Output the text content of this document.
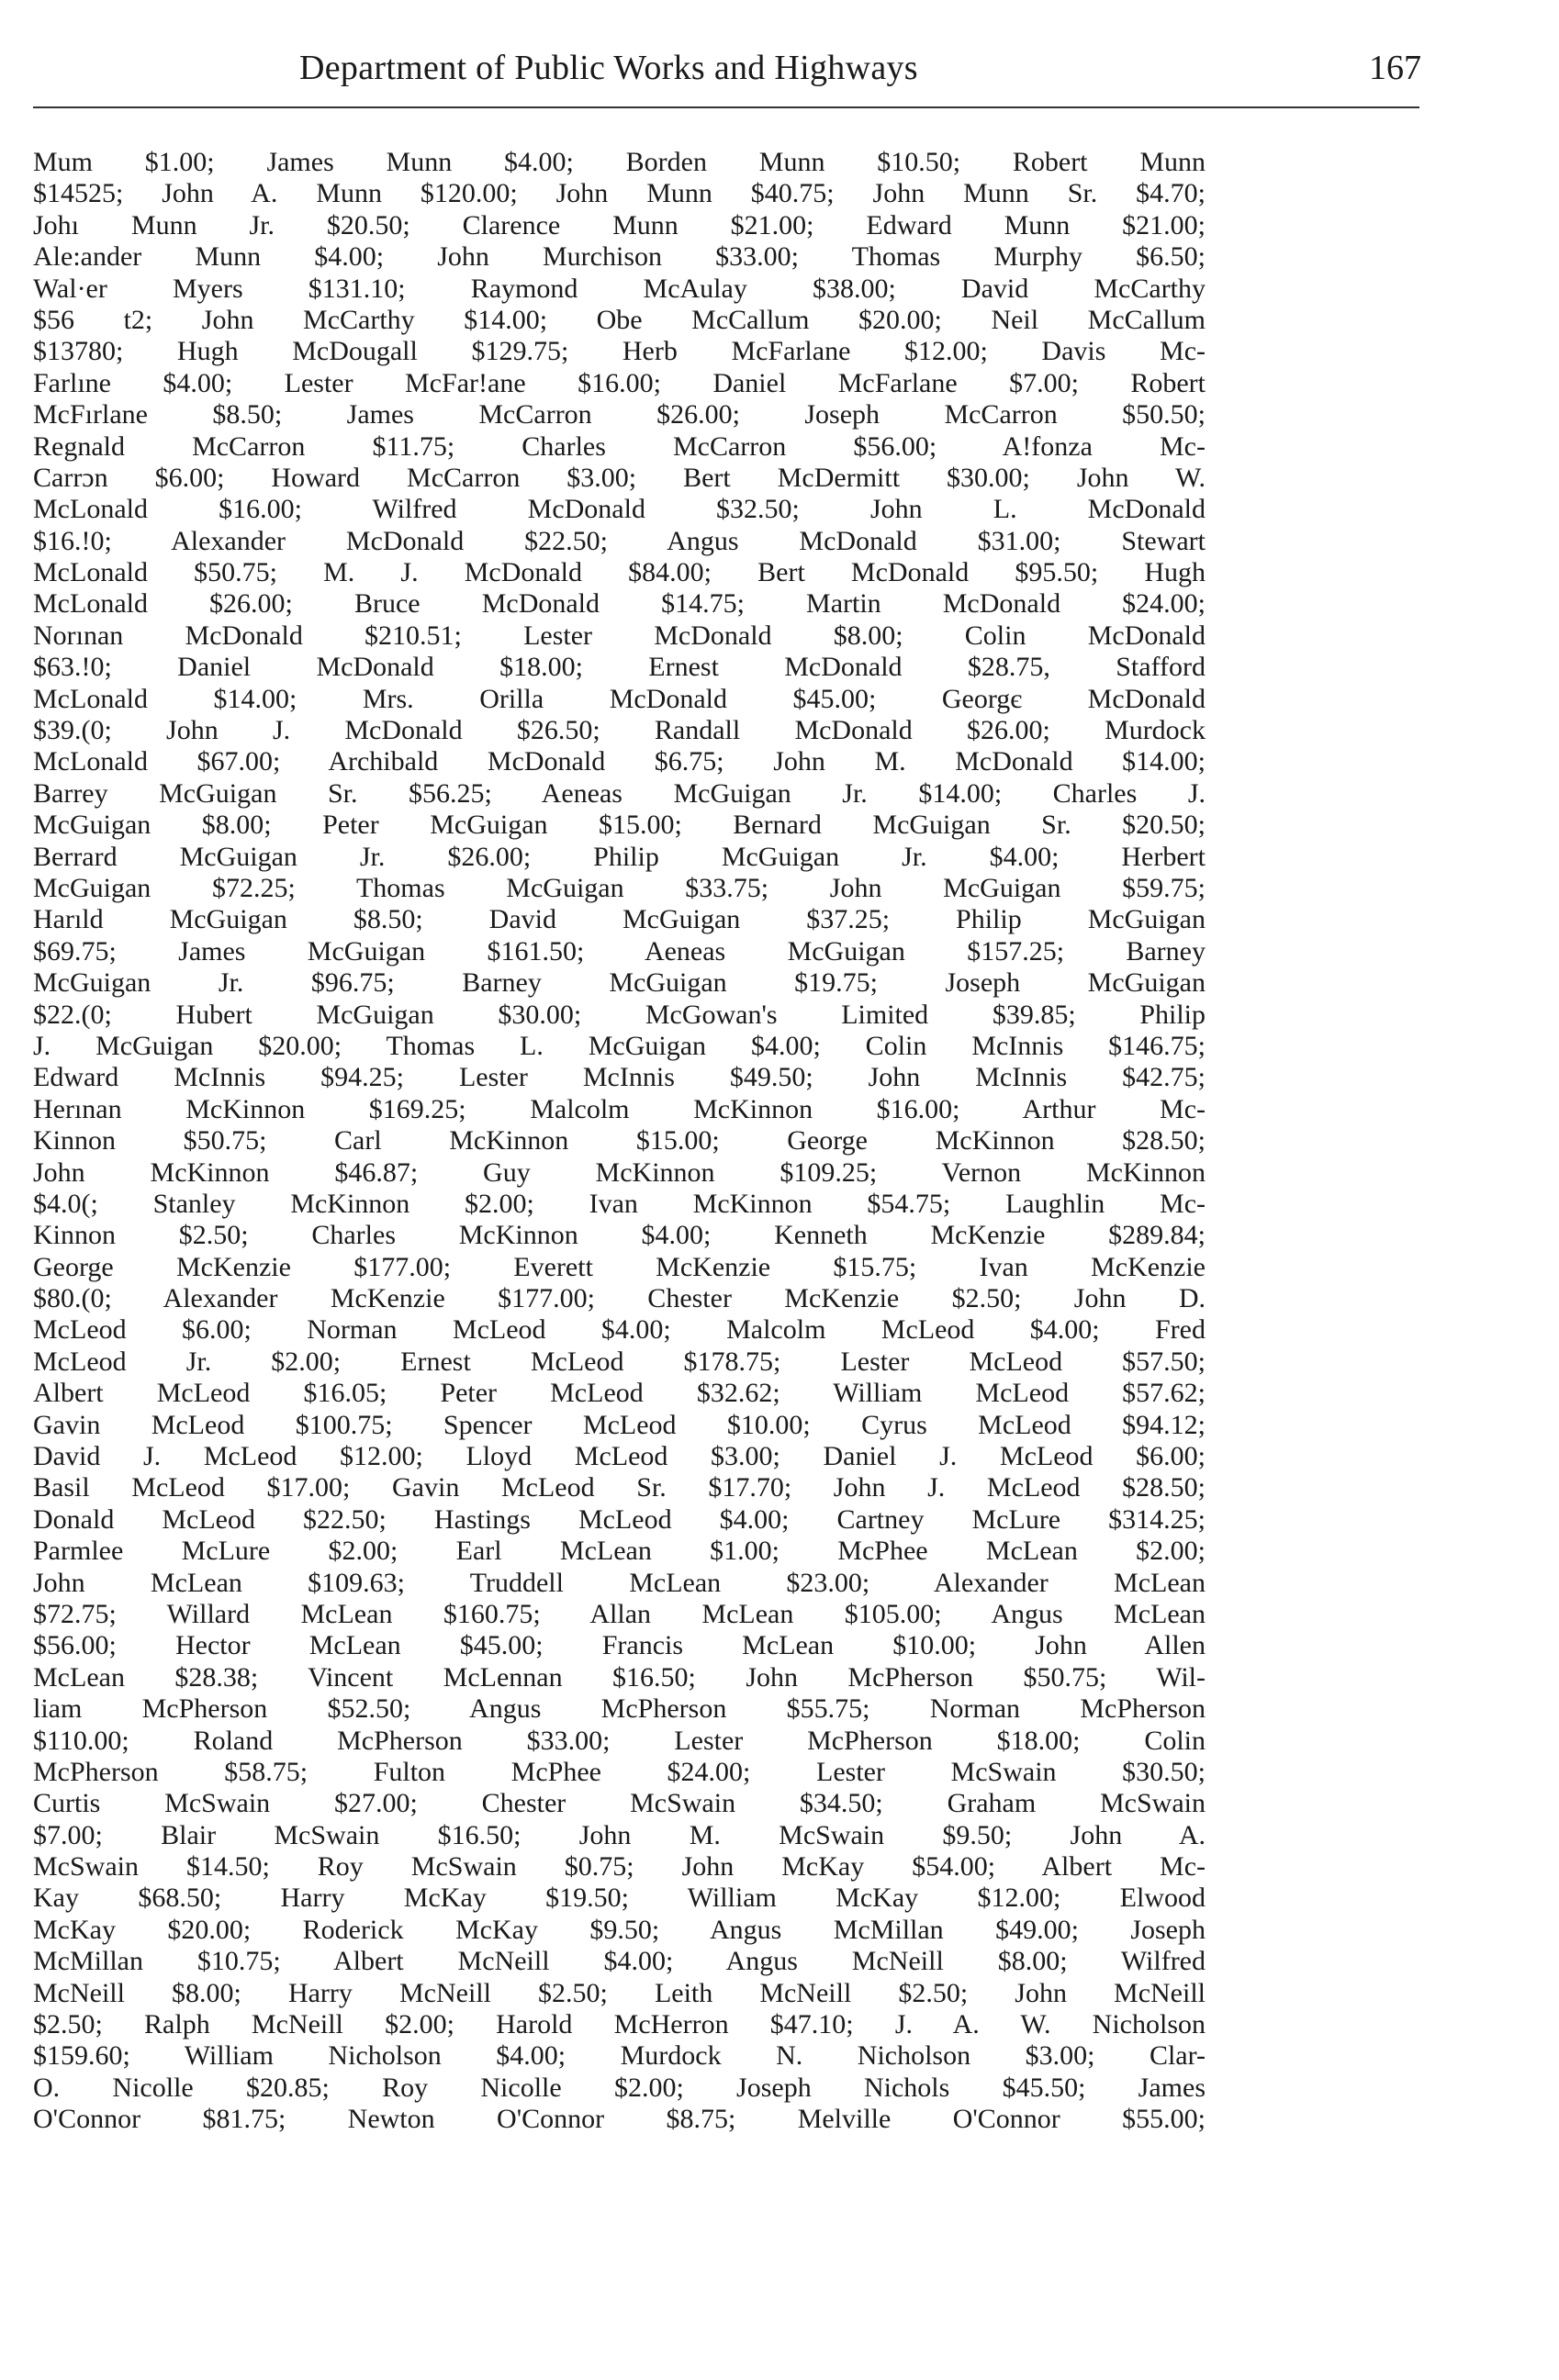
Department of Public Works and Highways	167
Mum $1.00; James Munn $4.00; Borden Munn $10.50; Robert Munn
$14525; John A. Munn $120.00; John Munn $40.75; John Munn Sr. $4.70;
Johı Munn Jr. $20.50; Clarence Munn $21.00; Edward Munn $21.00;
Ale:ander Munn $4.00; John Murchison $33.00; Thomas Murphy $6.50;
Wal·er Myers $131.10; Raymond McAulay $38.00; David McCarthy
$56 t2; John McCarthy $14.00; Obe McCallum $20.00; Neil McCallum
$13780; Hugh McDougall $129.75; Herb McFarlane $12.00; Davis Mc-
Farlıne $4.00; Lester McFar!ane $16.00; Daniel McFarlane $7.00; Robert
McFırlane $8.50; James McCarron $26.00; Joseph McCarron $50.50;
Regnald McCarron $11.75; Charles McCarron $56.00; A!fonza Mc-
Carrɔn $6.00; Howard McCarron $3.00; Bert McDermitt $30.00; John W.
McLonald $16.00; Wilfred McDonald $32.50; John L. McDonald
$16.!0; Alexander McDonald $22.50; Angus McDonald $31.00; Stewart
McLonald $50.75; M. J. McDonald $84.00; Bert McDonald $95.50; Hugh
McLonald $26.00; Bruce McDonald $14.75; Martin McDonald $24.00;
Norınan McDonald $210.51; Lester McDonald $8.00; Colin McDonald
$63.!0; Daniel McDonald $18.00; Ernest McDonald $28.75, Stafford
McLonald $14.00; Mrs. Orilla McDonald $45.00; Georgє McDonald
$39.(0; John J. McDonald $26.50; Randall McDonald $26.00; Murdock
McLonald $67.00; Archibald McDonald $6.75; John M. McDonald $14.00;
Barrey McGuigan Sr. $56.25; Aeneas McGuigan Jr. $14.00; Charles J.
McGuigan $8.00; Peter McGuigan $15.00; Bernard McGuigan Sr. $20.50;
Berrard McGuigan Jr. $26.00; Philip McGuigan Jr. $4.00; Herbert
McGuigan $72.25; Thomas McGuigan $33.75; John McGuigan $59.75;
Harıld McGuigan $8.50; David McGuigan $37.25; Philip McGuigan
$69.75; James McGuigan $161.50; Aeneas McGuigan $157.25; Barney
McGuigan Jr. $96.75; Barney McGuigan $19.75; Joseph McGuigan
$22.(0; Hubert McGuigan $30.00; McGowan's Limited $39.85; Philip
J. McGuigan $20.00; Thomas L. McGuigan $4.00; Colin McInnis $146.75;
Edward McInnis $94.25; Lester McInnis $49.50; John McInnis $42.75;
Herınan McKinnon $169.25; Malcolm McKinnon $16.00; Arthur Mc-
Kinnon $50.75; Carl McKinnon $15.00; George McKinnon $28.50;
John McKinnon $46.87; Guy McKinnon $109.25; Vernon McKinnon
$4.0(; Stanley McKinnon $2.00; Ivan McKinnon $54.75; Laughlin Mc-
Kinnon $2.50; Charles McKinnon $4.00; Kenneth McKenzie $289.84;
George McKenzie $177.00; Everett McKenzie $15.75; Ivan McKenzie
$80.(0; Alexander McKenzie $177.00; Chester McKenzie $2.50; John D.
McLeod $6.00; Norman McLeod $4.00; Malcolm McLeod $4.00; Fred
McLeod Jr. $2.00; Ernest McLeod $178.75; Lester McLeod $57.50;
Albert McLeod $16.05; Peter McLeod $32.62; William McLeod $57.62;
Gavin McLeod $100.75; Spencer McLeod $10.00; Cyrus McLeod $94.12;
David J. McLeod $12.00; Lloyd McLeod $3.00; Daniel J. McLeod $6.00;
Basil McLeod $17.00; Gavin McLeod Sr. $17.70; John J. McLeod $28.50;
Donald McLeod $22.50; Hastings McLeod $4.00; Cartney McLure $314.25;
Parmlee McLure $2.00; Earl McLean $1.00; McPhee McLean $2.00;
John McLean $109.63; Truddell McLean $23.00; Alexander McLean
$72.75; Willard McLean $160.75; Allan McLean $105.00; Angus McLean
$56.00; Hector McLean $45.00; Francis McLean $10.00; John Allen
McLean $28.38; Vincent McLennan $16.50; John McPherson $50.75; Wil-
liam McPherson $52.50; Angus McPherson $55.75; Norman McPherson
$110.00; Roland McPherson $33.00; Lester McPherson $18.00; Colin
McPherson $58.75; Fulton McPhee $24.00; Lester McSwain $30.50;
Curtis McSwain $27.00; Chester McSwain $34.50; Graham McSwain
$7.00; Blair McSwain $16.50; John M. McSwain $9.50; John A.
McSwain $14.50; Roy McSwain $0.75; John McKay $54.00; Albert Mc-
Kay $68.50; Harry McKay $19.50; William McKay $12.00; Elwood
McKay $20.00; Roderick McKay $9.50; Angus McMillan $49.00; Joseph
McMillan $10.75; Albert McNeill $4.00; Angus McNeill $8.00; Wilfred
McNeill $8.00; Harry McNeill $2.50; Leith McNeill $2.50; John McNeill
$2.50; Ralph McNeill $2.00; Harold McHerron $47.10; J. A. W. Nicholson
$159.60; William Nicholson $4.00; Murdock N. Nicholson $3.00; Clar-
O. Nicolle $20.85; Roy Nicolle $2.00; Joseph Nichols $45.50; James
O'Connor $81.75; Newton O'Connor $8.75; Melville O'Connor $55.00;
